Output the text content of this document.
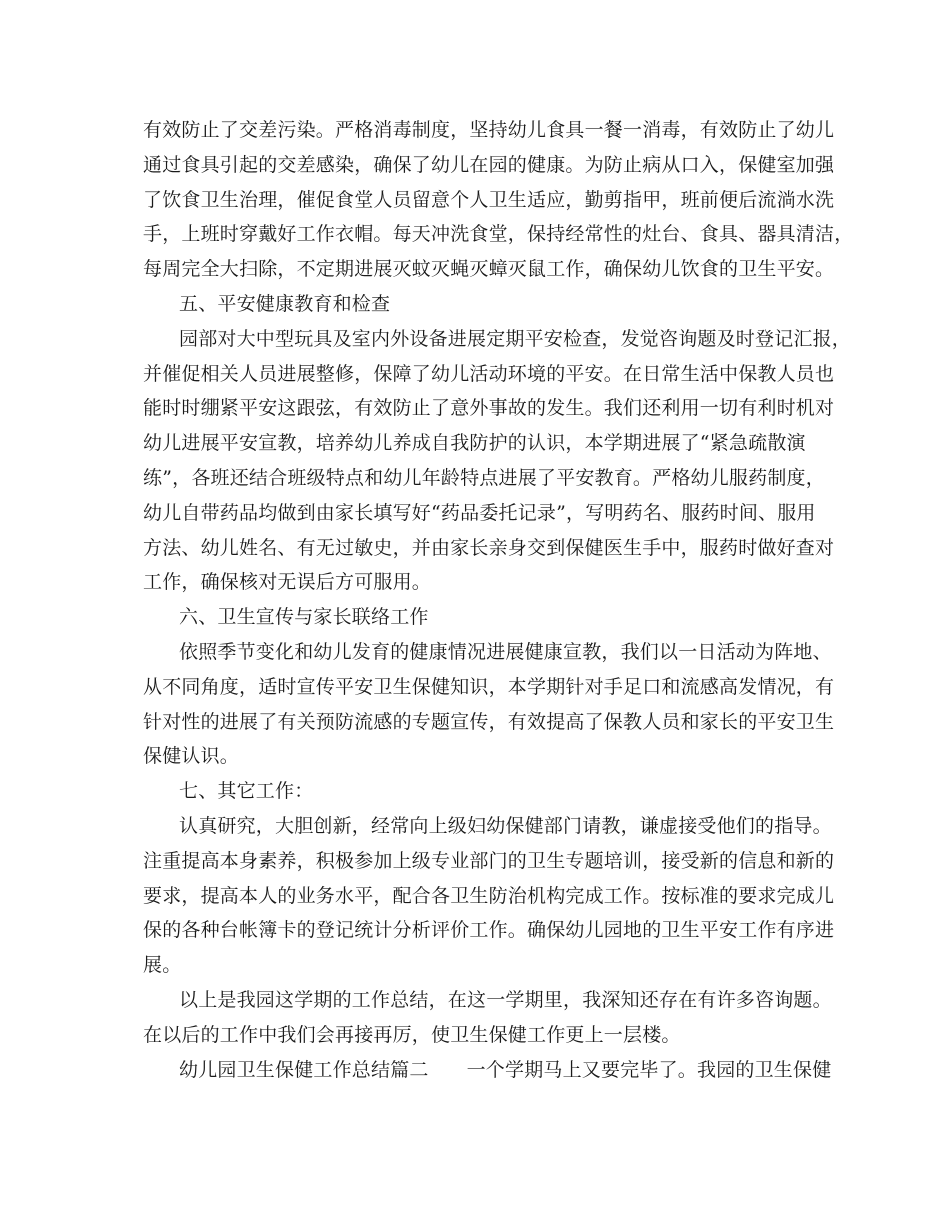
有效防止了交差污染。严格消毒制度，坚持幼儿食具一餐一消毒，有效防止了幼儿
通过食具引起的交差感染，确保了幼儿在园的健康。为防止病从口入，保健室加强
了饮食卫生治理，催促食堂人员留意个人卫生适应，勤剪指甲，班前便后流淌水洗
手，上班时穿戴好工作衣帽。每天冲洗食堂，保持经常性的灶台、食具、器具清洁，
每周完全大扫除，不定期进展灭蚊灭蝇灭蟑灭鼠工作，确保幼儿饮食的卫生平安。
五、平安健康教育和检查
园部对大中型玩具及室内外设备进展定期平安检查，发觉咨询题及时登记汇报，
并催促相关人员进展整修，保障了幼儿活动环境的平安。在日常生活中保教人员也
能时时绷紧平安这跟弦，有效防止了意外事故的发生。我们还利用一切有利时机对
幼儿进展平安宣教，培养幼儿养成自我防护的认识，本学期进展了“紧急疏散演
练”，各班还结合班级特点和幼儿年龄特点进展了平安教育。严格幼儿服药制度，
幼儿自带药品均做到由家长填写好“药品委托记录”，写明药名、服药时间、服用
方法、幼儿姓名、有无过敏史，并由家长亲身交到保健医生手中，服药时做好查对
工作，确保核对无误后方可服用。
六、卫生宣传与家长联络工作
依照季节变化和幼儿发育的健康情况进展健康宣教，我们以一日活动为阵地、
从不同角度，适时宣传平安卫生保健知识，本学期针对手足口和流感高发情况，有
针对性的进展了有关预防流感的专题宣传，有效提高了保教人员和家长的平安卫生
保健认识。
七、其它工作：
认真研究，大胆创新，经常向上级妇幼保健部门请教，谦虚接受他们的指导。
注重提高本身素养，积极参加上级专业部门的卫生专题培训，接受新的信息和新的
要求，提高本人的业务水平，配合各卫生防治机构完成工作。按标准的要求完成儿
保的各种台帐簿卡的登记统计分析评价工作。确保幼儿园地的卫生平安工作有序进
展。
以上是我园这学期的工作总结，在这一学期里，我深知还存在有许多咨询题。
在以后的工作中我们会再接再厉，使卫生保健工作更上一层楼。
幼儿园卫生保健工作总结篇二 一个学期马上又要完毕了。我园的卫生保健
